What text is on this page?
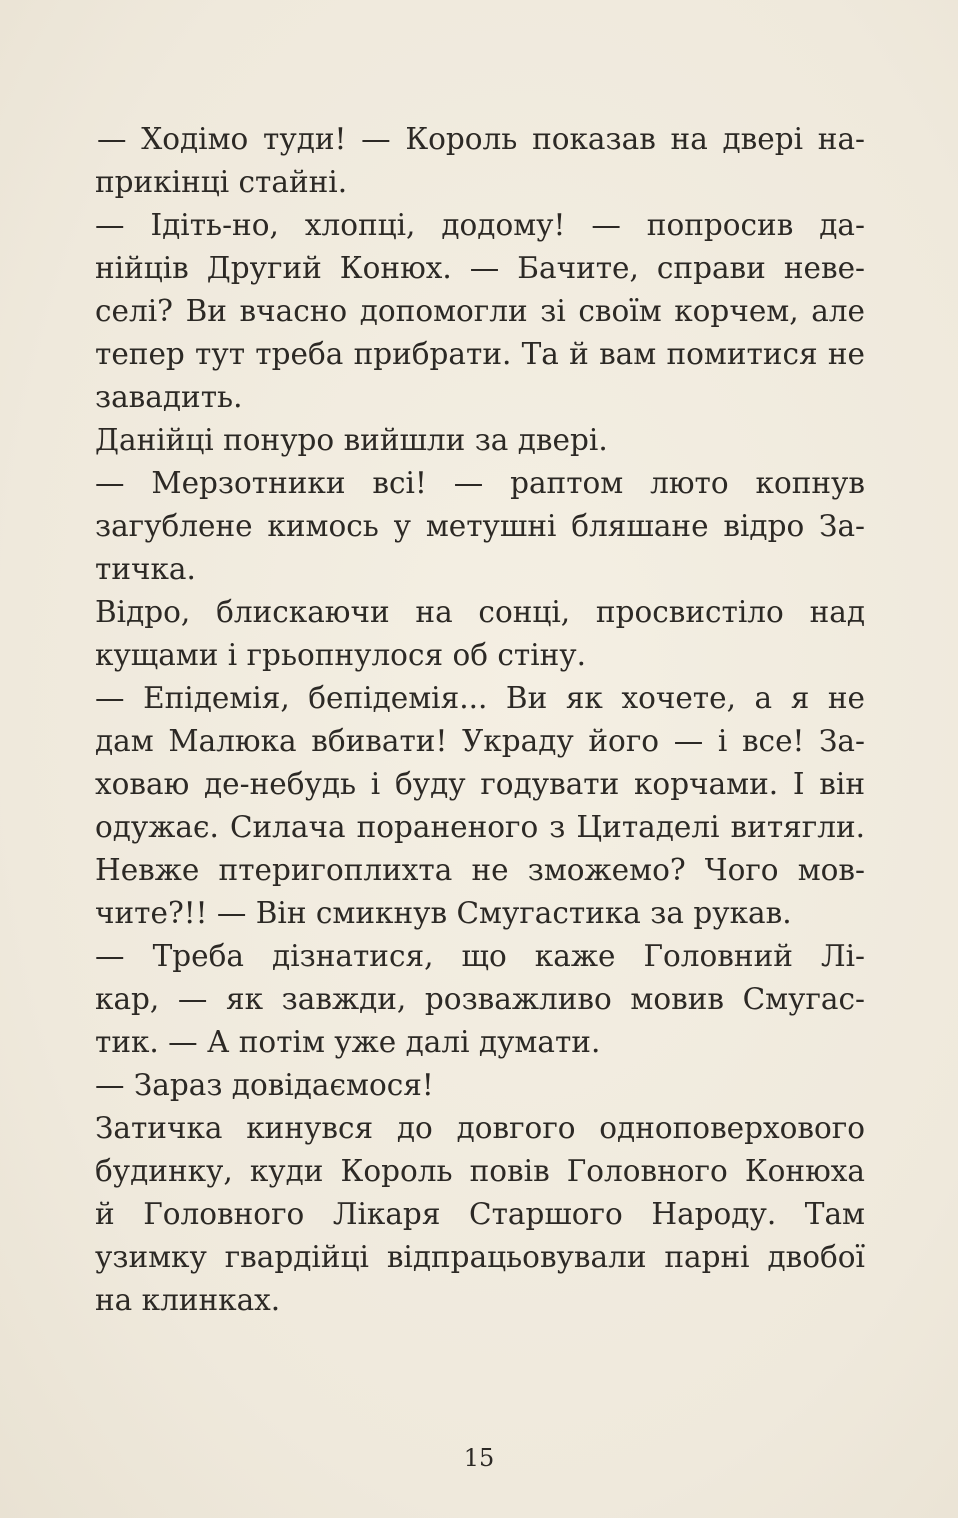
— Ходімо туди! — Король показав на двері на-
прикінці стайні.
— Ідіть-но, хлопці, додому! — попросив да-
нійців Другий Конюх. — Бачите, справи неве-
селі? Ви вчасно допомогли зі своїм корчем, але
тепер тут треба прибрати. Та й вам помитися не
завадить.
Данійці понуро вийшли за двері.
— Мерзотники всі! — раптом люто копнув
загублене кимось у метушні бляшане відро За-
тичка.
Відро, блискаючи на сонці, просвистіло над
кущами і грьопнулося об стіну.
— Епідемія, бепідемія... Ви як хочете, а я не
дам Малюка вбивати! Украду його — і все! За-
ховаю де-небудь і буду годувати корчами. І він
одужає. Силача пораненого з Цитаделі витягли.
Невже птеригоплихта не зможемо? Чого мов-
чите?!! — Він смикнув Смугастика за рукав.
— Треба дізнатися, що каже Головний Лі-
кар, — як завжди, розважливо мовив Смугас-
тик. — А потім уже далі думати.
— Зараз довідаємося!
Затичка кинувся до довгого одноповерхового
будинку, куди Король повів Головного Конюха
й Головного Лікаря Старшого Народу. Там
узимку гвардійці відпрацьовували парні двобої
на клинках.
15
